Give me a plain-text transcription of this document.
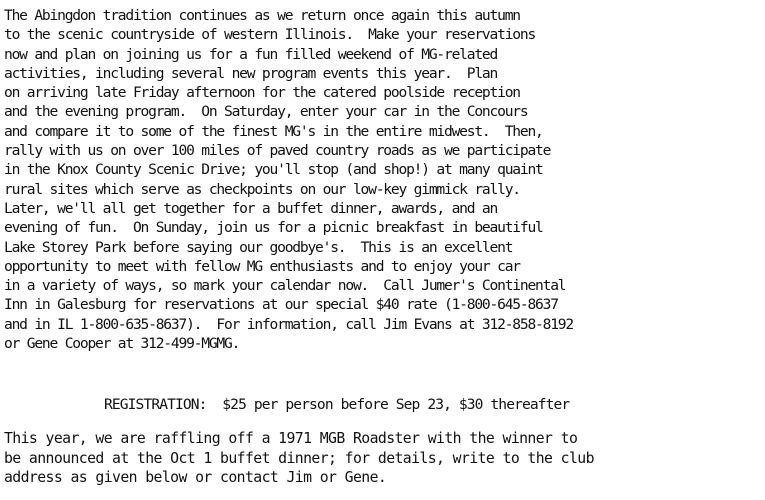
The Abingdon tradition continues as we return once again this autumn
to the scenic countryside of western Illinois.  Make your reservations
now and plan on joining us for a fun filled weekend of MG-related
activities, including several new program events this year.  Plan
on arriving late Friday afternoon for the catered poolside reception
and the evening program.  On Saturday, enter your car in the Concours
and compare it to some of the finest MG's in the entire midwest.  Then,
rally with us on over 100 miles of paved country roads as we participate
in the Knox County Scenic Drive; you'll stop (and shop!) at many quaint
rural sites which serve as checkpoints on our low-key gimmick rally.
Later, we'll all get together for a buffet dinner, awards, and an
evening of fun.  On Sunday, join us for a picnic breakfast in beautiful
Lake Storey Park before saying our goodbye's.  This is an excellent
opportunity to meet with fellow MG enthusiasts and to enjoy your car
in a variety of ways, so mark your calendar now.  Call Jumer's Continental
Inn in Galesburg for reservations at our special $40 rate (1-800-645-8637
and in IL 1-800-635-8637).  For information, call Jim Evans at 312-858-8192
or Gene Cooper at 312-499-MGMG.
REGISTRATION:  $25 per person before Sep 23, $30 thereafter
This year, we are raffling off a 1971 MGB Roadster with the winner to
be announced at the Oct 1 buffet dinner; for details, write to the club
address as given below or contact Jim or Gene.
